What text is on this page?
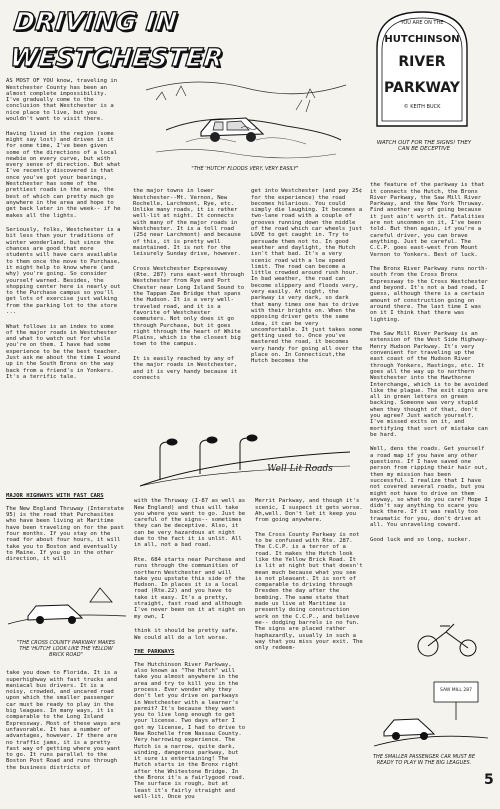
DRIVING IN WESTCHESTER

AS MOST OF YOU know, traveling in Westchester County has been an almost complete impossibility. I've gradually come to the conclusion that Westchester is a nice place to live, but you wouldn't want to visit there.

Having lived in the region (some might say lost) and driven in it for some time, I've been given some of the directions of a local newbie on every curve, but with every sense of direction. But what I've recently discovered is that once you've got your bearings, Westchester has some of the prettiest roads in the area, the best of which can pretty much go anywhere in the area and hope to get back later in the week-- if he makes all the lights.

Seriously, folks, Westchester is a bit less than your traditions of winter wonderland, but since the chances are good that more students will have cars available to them once the move to Purchase, it might help to know where (and why) you're going. So consider yourself warned. Besides, the shopping center here is nearly out to the Purchase campus so you'll get lots of exercise just walking from the parking lot to the store ...

What follows is an index to some of the major roads in Westchester and what to watch out for while you're on them. I have had some experience to be the best teacher. Just ask me about the time I wound up in the South Bronx on the way back from a friend's in Yonkers. It's a terrific tale.

the major towns in lower Westchester--Mt. Vernon, New Rochelle, Larchmont, Rye, etc. Unlike many roads, it is rather well-lit at night. It connects with many of the major roads in Westchester. It is a toll road (25¢ near Larchmont) and because of this, it is pretty well maintained. It is not for the leisurely Sunday drive, however.

Cross Westchester Expressway (Rte. 287) runs east-west through Westchester from Rye and Port Chester near Long Island Sound to the Tappan Zee Bridge that spans the Hudson. It is a very well-traveled road, and it is a favorite of Westchester commuters. Not only does it go through Purchase, but it goes right through the heart of White Plains, which is the closest big town to the campus.

It is easily reached by any of the major roads in Westchester, and it is very handy because it connects

get into Westchester (and pay 25¢ for the experience) the road becomes hilarious. You could simply die laughing. It becomes a two-lane road with a couple of grooves running down the middle of the road which car wheels just LOVE to get caught in. Try to persuade them not to. In good weather and daylight, the Hutch isn't that bad. It's a very scenic road with a low speed limit. The road can become a little crowded around rush hour. In bad weather, the road can become slippery and floods very, very easily. At night, the parkway is very dark, so dark that many times one has to drive with their brights on. When the opposing driver gets the same idea, it can be very uncomfortable. It just takes some getting used to. Once you've mastered the road, it becomes very handy for going all over the place on. In Connecticut,the Hutch becomes the

the feature of the parkway is that it connects the Hutch, the Bronx River Parkway, the Saw Mill River Parkway, and the New York Thruway. Find another way of going because it just ain't worth it. Fatalities are not uncommon on it, I've been told. But then again, if you're a careful driver, you can brave anything. Just be careful. The C.C.P. goes east-west from Mount Vernon to Yonkers. Best of luck.

The Bronx River Parkway runs north-south from the Cross Bronx Expressway to the Cross Westchester and beyond. It's not a bad road, I guess, although there is a certain amount of construction going on around there. The last time I was on it I think that there was lighting.

The Saw Mill River Parkway is an extension of the West Side Highway-Henry Hudson Parkway. It's very convenient for traveling up the east coast of the Hudson River through Yonkers, Hastings, etc. It goes all the way up to northern Westchester into the Hawthorne Interchange, which is to be avoided like the plague. The exit signs are all in green letters on green backing. Someone was very stupid when they thought of that, don't you agree? Just watch yourself. I've missed exits on it, and mortifying that sort of mistake can be hard.

Well, dens the roads. Get yourself a road map if you have any other questions. If I have saved one person from ripping their hair out, then my mission has been successful. I realize that I have not covered several roads, but you might not have to drive on them anyway, so what do you care? Hope I didn't say anything to scare you back there. If it was really too traumatic for you, don't drive at all. You unraveling coward.

Good luck and so long, sucker.

"THE 'HUTCH' FLOODS VERY, VERY EASILY"
YOU ARE ON THE
HUTCHINSON
RIVER
PARKWAY
© KEITH BUCK
WATCH OUT FOR THE SIGNS! THEY CAN BE DECEPTIVE
Well Lit Roads

MAJOR HIGHWAYS WITH FAST CARS

The New England Thruway (Interstate 95) is the road that Purchasites who have been living at Maritime have been traveling on for the past four months. If you stay on the road for about four hours, it will take you to Boston and eventually to Maine. If you go in the other direction, it will

"THE CROSS COUNTY PARKWAY MAKES THE 'HUTCH' LOOK LIKE THE YELLOW BRICK ROAD"

take you down to Florida. It is a superhighway with fast trucks and maniacal bus drivers. It is a noisy, crowded, and uncared road upon which the smaller passenger car must be ready to play in the big leagues. In many ways, it is comparable to the Long Island Expressway. Most of these ways are unfavorable. It has a number of advantages, however. If there are no traffic jams, it is a pretty fast way of getting where you want to go. It runs parallel to the Boston Post Road and runs through the business districts of

with the Thruway (I-87 as well as New England) and thus will take you where you want to go. Just be careful of the signs-- sometimes they can be deceptive. Also, it can be very hazardous at night due to the fact it is unlit. All in all, not a bad road.

Rte. 684 starts near Purchase and runs through the communities of northern Westchester and will take you upstate this side of the Hudson. In places it is a local road (Rte.22) and you have to take it easy. It's a pretty, straight, fast road and although I've never been on it at night on my own, I

think it should be pretty safe. We could all do a lot worse.

THE PARKWAYS

The Hutchinson River Parkway, also known as "The Hutch" will take you almost anywhere in the area and try to kill you in the process. Ever wonder why they don't let you drive on parkways in Westchester with a learner's permit? It's because they want you to live long enough to get your license. Two days after I got my license, I had to drive to New Rochelle from Nassau County. Very harrowing experience. The Hutch is a narrow, quite dark, winding, dangerous parkway, but it sure is entertaining! The Hutch starts in the Bronx right after the Whitestone Bridge. In the Bronx it's a fairlygood road. The surface is rough, but at least it's fairly straight and well-lit. Once you

Merrit Parkway, and though it's scenic, I suspect it gets worse. Ah,well. Don't let it keep you from going anywhere.

The Cross County Parkway is not to be confused with Rte. 287. The C.C.P. is a terror of a road. It makes the Hutch look like the Yellow Brick Road. It is lit at night but that doesn't mean much because what you see is not pleasant. It is sort of comparable to driving through Dresden the day after the bombing. The same state that made us live at Maritime is presently doing construction work on the C.C.P., and believe me-- dodging barrels is no fun. The signs are placed rather haphazardly, usually in such a way that you miss your exit. The only redeem-

SAW MILL 287
THE SMALLER PASSENGER CAR MUST BE READY TO PLAY IN THE BIG LEAGUES.
5
